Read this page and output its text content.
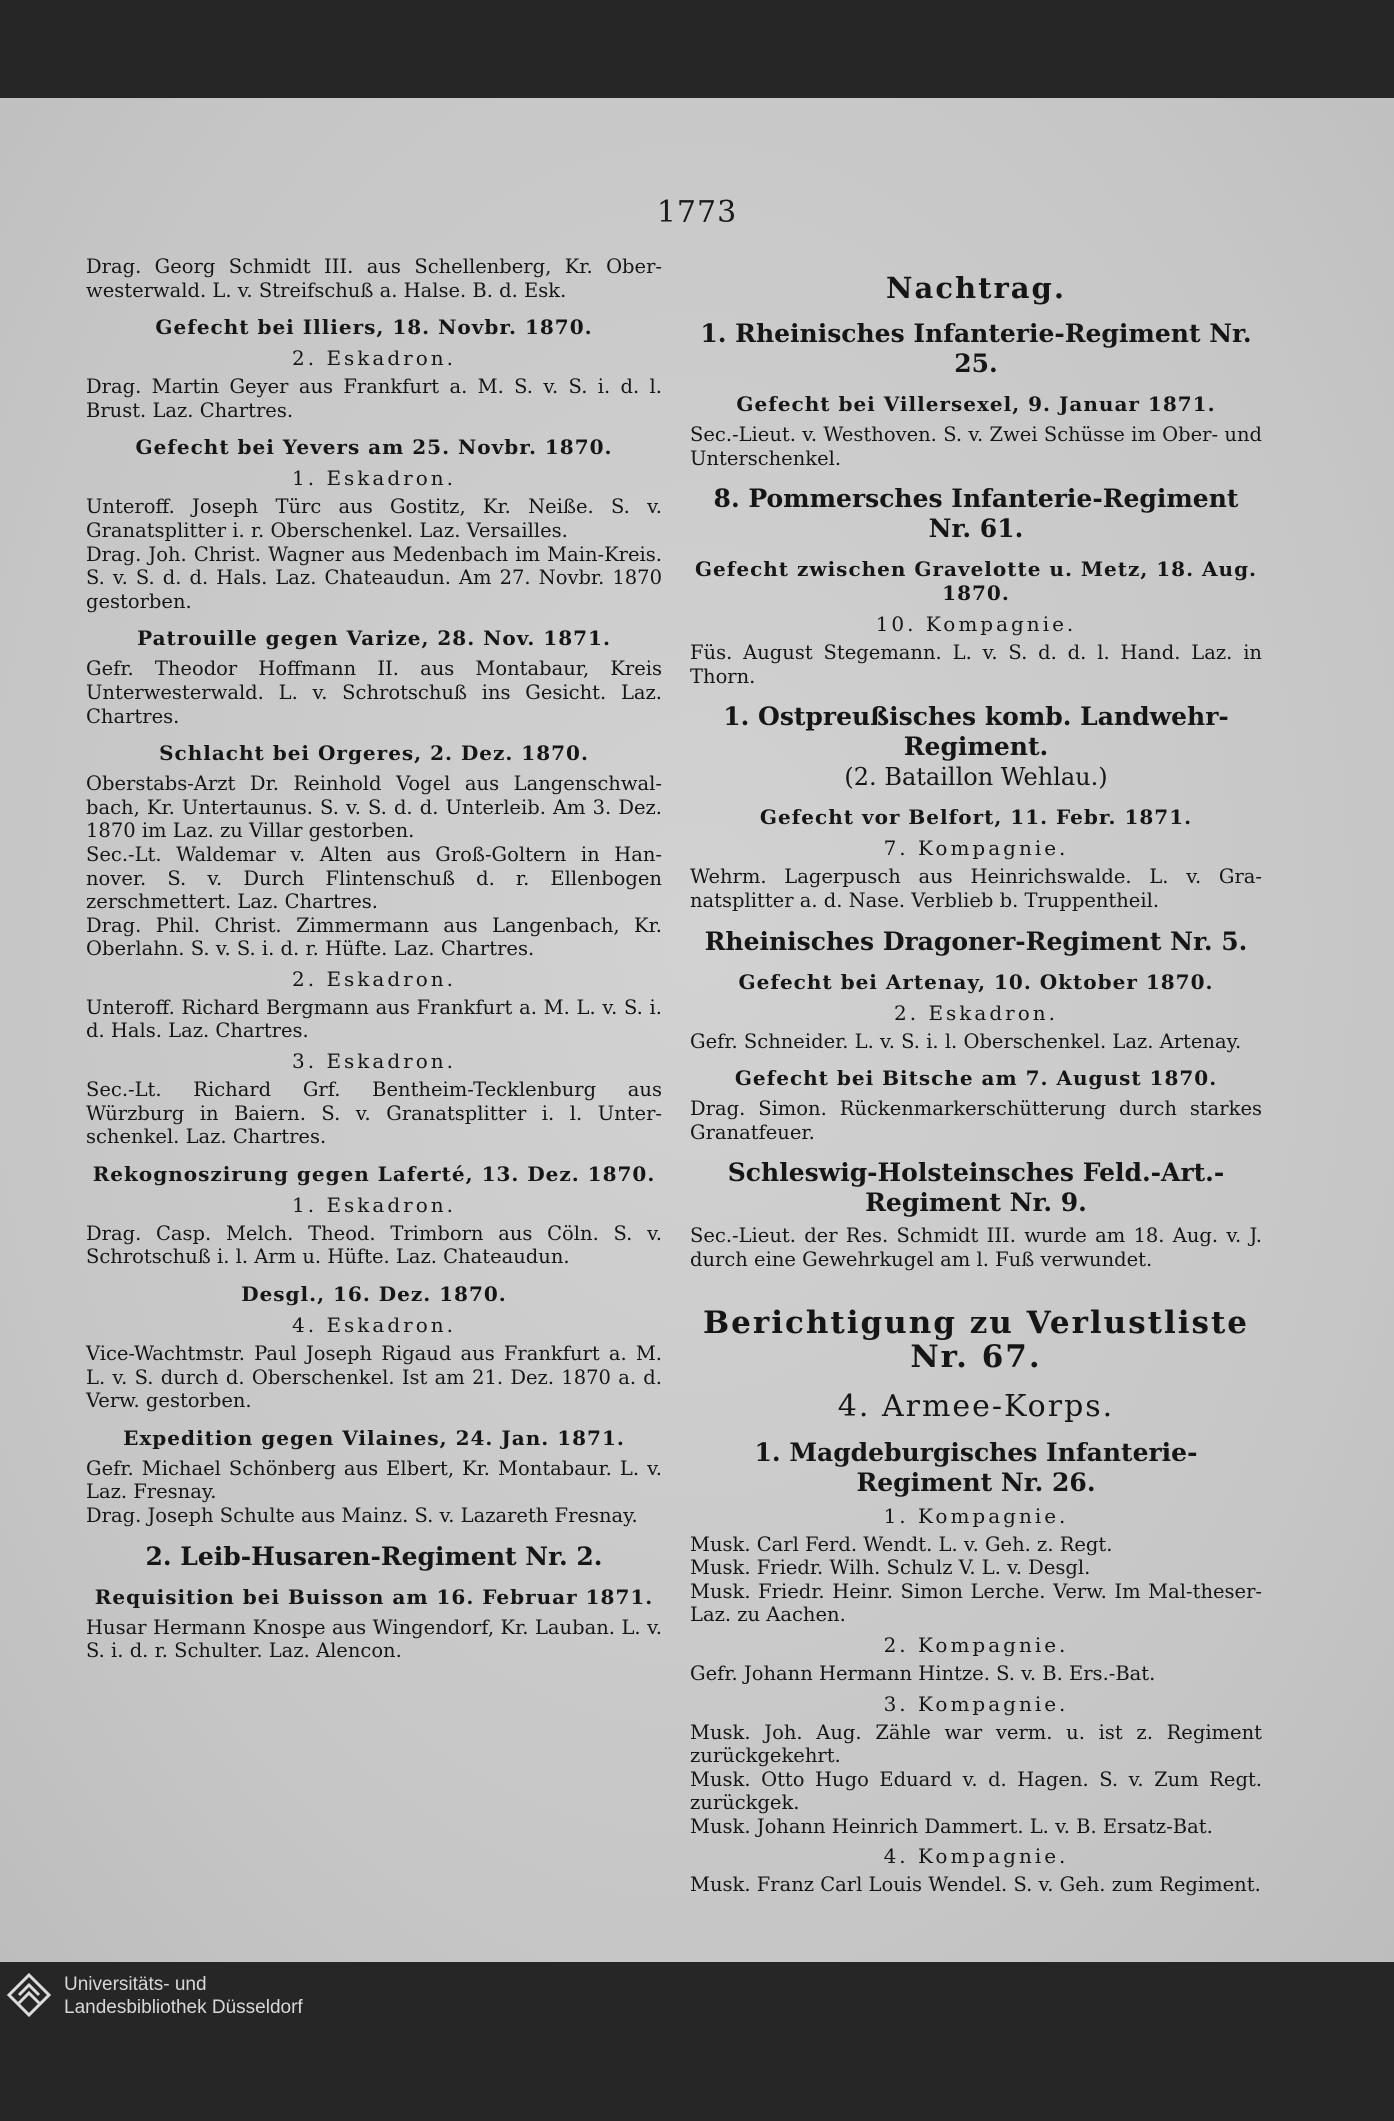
1773
Drag. Georg Schmidt III. aus Schellenberg, Kr. Ober-westerwald. L. v. Streifschuß a. Halse. B. d. Esk.
Gefecht bei Illiers, 18. Novbr. 1870.
2. Eskadron.
Drag. Martin Geyer aus Frankfurt a. M. S. v. S. i. d. l. Brust. Laz. Chartres.
Gefecht bei Yevers am 25. Novbr. 1870.
1. Eskadron.
Unteroff. Joseph Türc aus Gostitz, Kr. Neiße. S. v. Granatsplitter i. r. Oberschenkel. Laz. Versailles.
Drag. Joh. Christ. Wagner aus Medenbach im Main-Kreis. S. v. S. d. d. Hals. Laz. Chateaudun. Am 27. Novbr. 1870 gestorben.
Patrouille gegen Varize, 28. Nov. 1871.
Gefr. Theodor Hoffmann II. aus Montabaur, Kreis Unterwesterwald. L. v. Schrotschuß ins Gesicht. Laz. Chartres.
Schlacht bei Orgeres, 2. Dez. 1870.
Oberstabs-Arzt Dr. Reinhold Vogel aus Langenschwal-bach, Kr. Untertaunus. S. v. S. d. d. Unterleib. Am 3. Dez. 1870 im Laz. zu Villar gestorben.
Sec.-Lt. Waldemar v. Alten aus Groß-Goltern in Han-nover. S. v. Durch Flintenschuß d. r. Ellenbogen zerschmettert. Laz. Chartres.
Drag. Phil. Christ. Zimmermann aus Langenbach, Kr. Oberlahn. S. v. S. i. d. r. Hüfte. Laz. Chartres.
2. Eskadron.
Unteroff. Richard Bergmann aus Frankfurt a. M. L. v. S. i. d. Hals. Laz. Chartres.
3. Eskadron.
Sec.-Lt. Richard Grf. Bentheim-Tecklenburg aus Würzburg in Baiern. S. v. Granatsplitter i. l. Unter-schenkel. Laz. Chartres.
Rekognoszirung gegen Laferté, 13. Dez. 1870.
1. Eskadron.
Drag. Casp. Melch. Theod. Trimborn aus Cöln. S. v. Schrotschuß i. l. Arm u. Hüfte. Laz. Chateaudun.
Desgl., 16. Dez. 1870.
4. Eskadron.
Vice-Wachtmstr. Paul Joseph Rigaud aus Frankfurt a. M. L. v. S. durch d. Oberschenkel. Ist am 21. Dez. 1870 a. d. Verw. gestorben.
Expedition gegen Vilaines, 24. Jan. 1871.
Gefr. Michael Schönberg aus Elbert, Kr. Montabaur. L. v. Laz. Fresnay.
Drag. Joseph Schulte aus Mainz. S. v. Lazareth Fresnay.
2. Leib-Husaren-Regiment Nr. 2.
Requisition bei Buisson am 16. Februar 1871.
Husar Hermann Knospe aus Wingendorf, Kr. Lauban. L. v. S. i. d. r. Schulter. Laz. Alencon.
Nachtrag.
1. Rheinisches Infanterie-Regiment Nr. 25.
Gefecht bei Villersexel, 9. Januar 1871.
Sec.-Lieut. v. Westhoven. S. v. Zwei Schüsse im Ober- und Unterschenkel.
8. Pommersches Infanterie-Regiment Nr. 61.
Gefecht zwischen Gravelotte u. Metz, 18. Aug. 1870.
10. Kompagnie.
Füs. August Stegemann. L. v. S. d. d. l. Hand. Laz. in Thorn.
1. Ostpreußisches komb. Landwehr-Regiment.
(2. Bataillon Wehlau.)
Gefecht vor Belfort, 11. Febr. 1871.
7. Kompagnie.
Wehrm. Lagerpusch aus Heinrichswalde. L. v. Gra-natsplitter a. d. Nase. Verblieb b. Truppentheil.
Rheinisches Dragoner-Regiment Nr. 5.
Gefecht bei Artenay, 10. Oktober 1870.
2. Eskadron.
Gefr. Schneider. L. v. S. i. l. Oberschenkel. Laz. Artenay.
Gefecht bei Bitsche am 7. August 1870.
Drag. Simon. Rückenmarkerschütterung durch starkes Granatfeuer.
Schleswig-Holsteinsches Feld.-Art.-Regiment Nr. 9.
Sec.-Lieut. der Res. Schmidt III. wurde am 18. Aug. v. J. durch eine Gewehrkugel am l. Fuß verwundet.
Berichtigung zu Verlustliste Nr. 67.
4. Armee-Korps.
1. Magdeburgisches Infanterie-Regiment Nr. 26.
1. Kompagnie.
Musk. Carl Ferd. Wendt. L. v. Geh. z. Regt.
Musk. Friedr. Wilh. Schulz V. L. v. Desgl.
Musk. Friedr. Heinr. Simon Lerche. Verw. Im Mal-theser-Laz. zu Aachen.
2. Kompagnie.
Gefr. Johann Hermann Hintze. S. v. B. Ers.-Bat.
3. Kompagnie.
Musk. Joh. Aug. Zähle war verm. u. ist z. Regiment zurückgekehrt.
Musk. Otto Hugo Eduard v. d. Hagen. S. v. Zum Regt. zurückgek.
Musk. Johann Heinrich Dammert. L. v. B. Ersatz-Bat.
4. Kompagnie.
Musk. Franz Carl Louis Wendel. S. v. Geh. zum Regiment.
Universitäts- und
Landesbibliothek Düsseldorf
